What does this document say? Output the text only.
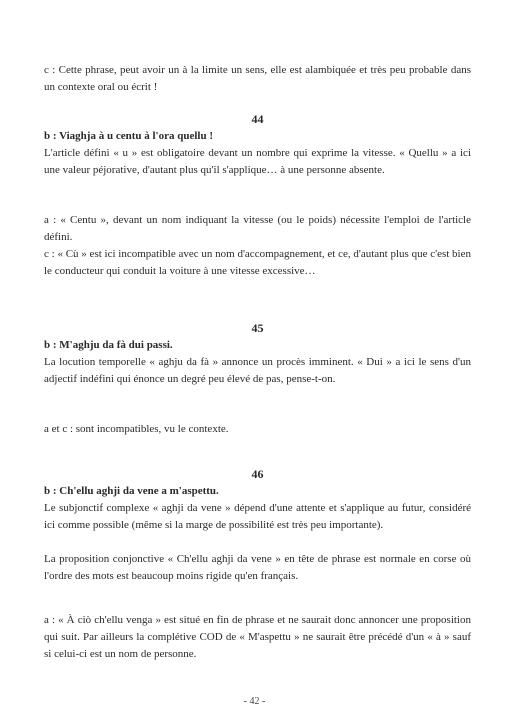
c : Cette phrase, peut avoir un à la limite un sens, elle est alambiquée et très peu probable dans un contexte oral ou écrit !

44

b : Viaghja à u centu à l'ora quellu !

L'article défini « u » est obligatoire devant un nombre qui exprime la vitesse. « Quellu » a ici une valeur péjorative, d'autant plus qu'il s'applique… à une personne absente.

a : « Centu », devant un nom indiquant la vitesse (ou le poids) nécessite l'emploi de l'article défini.

c : « Cù » est ici incompatible avec un nom d'accompagnement, et ce, d'autant plus que c'est bien le conducteur qui conduit la voiture à une vitesse excessive…

45

b : M'aghju da fà dui passi.

La locution temporelle « aghju da fà » annonce un procès imminent. « Dui » a ici le sens d'un adjectif indéfini qui énonce un degré peu élevé de pas, pense-t-on.

a et c : sont incompatibles, vu le contexte.

46

b : Ch'ellu aghji da vene a m'aspettu.

Le subjonctif complexe « aghji da vene » dépend d'une attente et s'applique au futur, considéré ici comme possible (même si la marge de possibilité est très peu importante).

La proposition conjonctive « Ch'ellu aghji da vene » en tête de phrase est normale en corse où l'ordre des mots est beaucoup moins rigide qu'en français.

a : « À ciò ch'ellu venga » est situé en fin de phrase et ne saurait donc annoncer une proposition qui suit. Par ailleurs la complétive COD de « M'aspettu » ne saurait être précédé d'un « à » sauf si celui-ci est un nom de personne.

- 42 -
